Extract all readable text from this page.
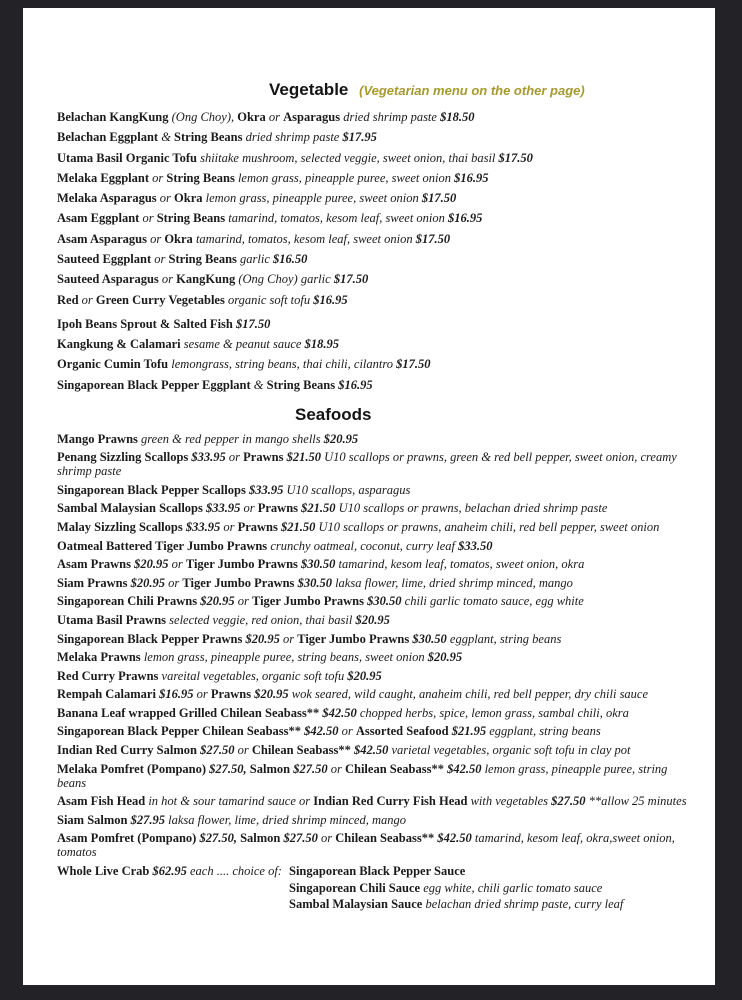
Vegetable (Vegetarian menu on the other page)
Belachan KangKung (Ong Choy), Okra or Asparagus dried shrimp paste $18.50
Belachan Eggplant & String Beans dried shrimp paste $17.95
Utama Basil Organic Tofu shiitake mushroom, selected veggie, sweet onion, thai basil $17.50
Melaka Eggplant or String Beans lemon grass, pineapple puree, sweet onion $16.95
Melaka Asparagus or Okra lemon grass, pineapple puree, sweet onion $17.50
Asam Eggplant or String Beans tamarind, tomatos, kesom leaf, sweet onion $16.95
Asam Asparagus or Okra tamarind, tomatos, kesom leaf, sweet onion $17.50
Sauteed Eggplant or String Beans garlic $16.50
Sauteed Asparagus or KangKung (Ong Choy) garlic $17.50
Red or Green Curry Vegetables organic soft tofu $16.95
Ipoh Beans Sprout & Salted Fish $17.50
Kangkung & Calamari sesame & peanut sauce $18.95
Organic Cumin Tofu lemongrass, string beans, thai chili, cilantro $17.50
Singaporean Black Pepper Eggplant & String Beans $16.95
Seafoods
Mango Prawns green & red pepper in mango shells $20.95
Penang Sizzling Scallops $33.95 or Prawns $21.50 U10 scallops or prawns, green & red bell pepper, sweet onion, creamy shrimp paste
Singaporean Black Pepper Scallops $33.95 U10 scallops, asparagus
Sambal Malaysian Scallops $33.95 or Prawns $21.50 U10 scallops or prawns, belachan dried shrimp paste
Malay Sizzling Scallops $33.95 or Prawns $21.50 U10 scallops or prawns, anaheim chili, red bell pepper, sweet onion
Oatmeal Battered Tiger Jumbo Prawns crunchy oatmeal, coconut, curry leaf $33.50
Asam Prawns $20.95 or Tiger Jumbo Prawns $30.50 tamarind, kesom leaf, tomatos, sweet onion, okra
Siam Prawns $20.95 or Tiger Jumbo Prawns $30.50 laksa flower, lime, dried shrimp minced, mango
Singaporean Chili Prawns $20.95 or Tiger Jumbo Prawns $30.50 chili garlic tomato sauce, egg white
Utama Basil Prawns selected veggie, red onion, thai basil $20.95
Singaporean Black Pepper Prawns $20.95 or Tiger Jumbo Prawns $30.50 eggplant, string beans
Melaka Prawns lemon grass, pineapple puree, string beans, sweet onion $20.95
Red Curry Prawns vareital vegetables, organic soft tofu $20.95
Rempah Calamari $16.95 or Prawns $20.95 wok seared, wild caught, anaheim chili, red bell pepper, dry chili sauce
Banana Leaf wrapped Grilled Chilean Seabass** $42.50 chopped herbs, spice, lemon grass, sambal chili, okra
Singaporean Black Pepper Chilean Seabass** $42.50 or Assorted Seafood $21.95 eggplant, string beans
Indian Red Curry Salmon $27.50 or Chilean Seabass** $42.50 varietal vegetables, organic soft tofu in clay pot
Melaka Pomfret (Pompano) $27.50, Salmon $27.50 or Chilean Seabass** $42.50 lemon grass, pineapple puree, string beans
Asam Fish Head in hot & sour tamarind sauce or Indian Red Curry Fish Head with vegetables $27.50 **allow 25 minutes
Siam Salmon $27.95 laksa flower, lime, dried shrimp minced, mango
Asam Pomfret (Pompano) $27.50, Salmon $27.50 or Chilean Seabass** $42.50 tamarind, kesom leaf, okra,sweet onion, tomatos
Whole Live Crab $62.95 each .... choice of: Singaporean Black Pepper Sauce
Singaporean Chili Sauce egg white, chili garlic tomato sauce
Sambal Malaysian Sauce belachan dried shrimp paste, curry leaf
